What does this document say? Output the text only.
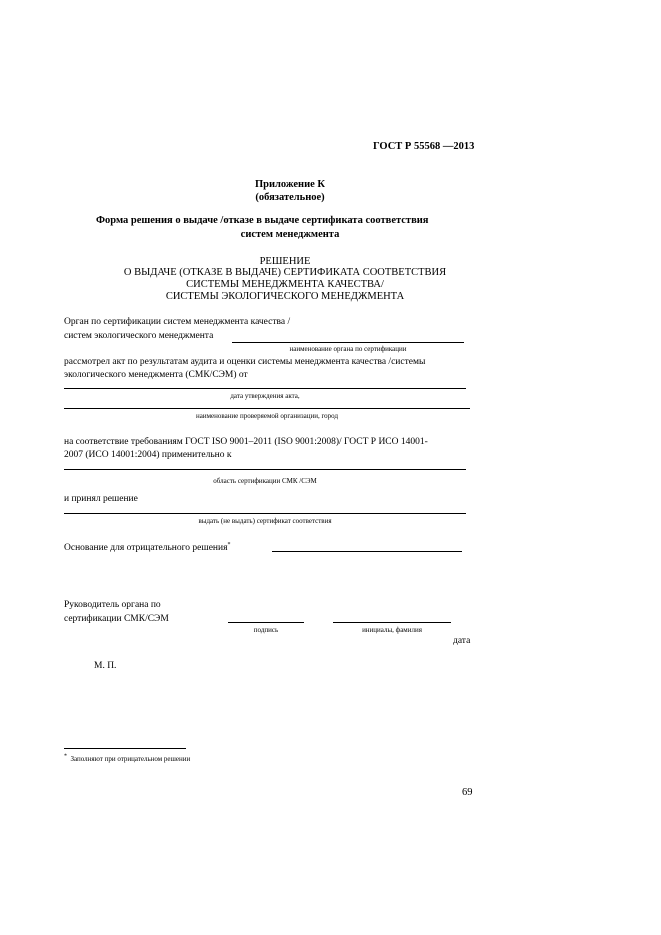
ГОСТ Р 55568 —2013
Приложение К
(обязательное)
Форма решения о выдаче /отказе в выдаче сертификата соответствия
систем менеджмента
РЕШЕНИЕ
О ВЫДАЧЕ (ОТКАЗЕ В ВЫДАЧЕ) СЕРТИФИКАТА СООТВЕТСТВИЯ
СИСТЕМЫ МЕНЕДЖМЕНТА КАЧЕСТВА/
СИСТЕМЫ ЭКОЛОГИЧЕСКОГО МЕНЕДЖМЕНТА
Орган по сертификации систем менеджмента качества /
систем экологического менеджмента
наименование органа по сертификации
рассмотрел акт по результатам аудита и оценки системы менеджмента качества /системы
экологического менеджмента (СМК/СЭМ) от
дата утверждения акта,
наименование проверяемой организации, город
на соответствие требованиям ГОСТ ISO 9001–2011 (ISO 9001:2008)/ ГОСТ Р ИСО 14001-
2007 (ИСО 14001:2004) применительно к
область сертификации СМК /СЭМ
и принял решение
выдать (не выдать) сертификат соответствия
Основание для отрицательного решения*
Руководитель органа по
сертификации СМК/СЭМ
подпись	инициалы, фамилия
дата
М. П.
* Заполняют при отрицательном решении
69
